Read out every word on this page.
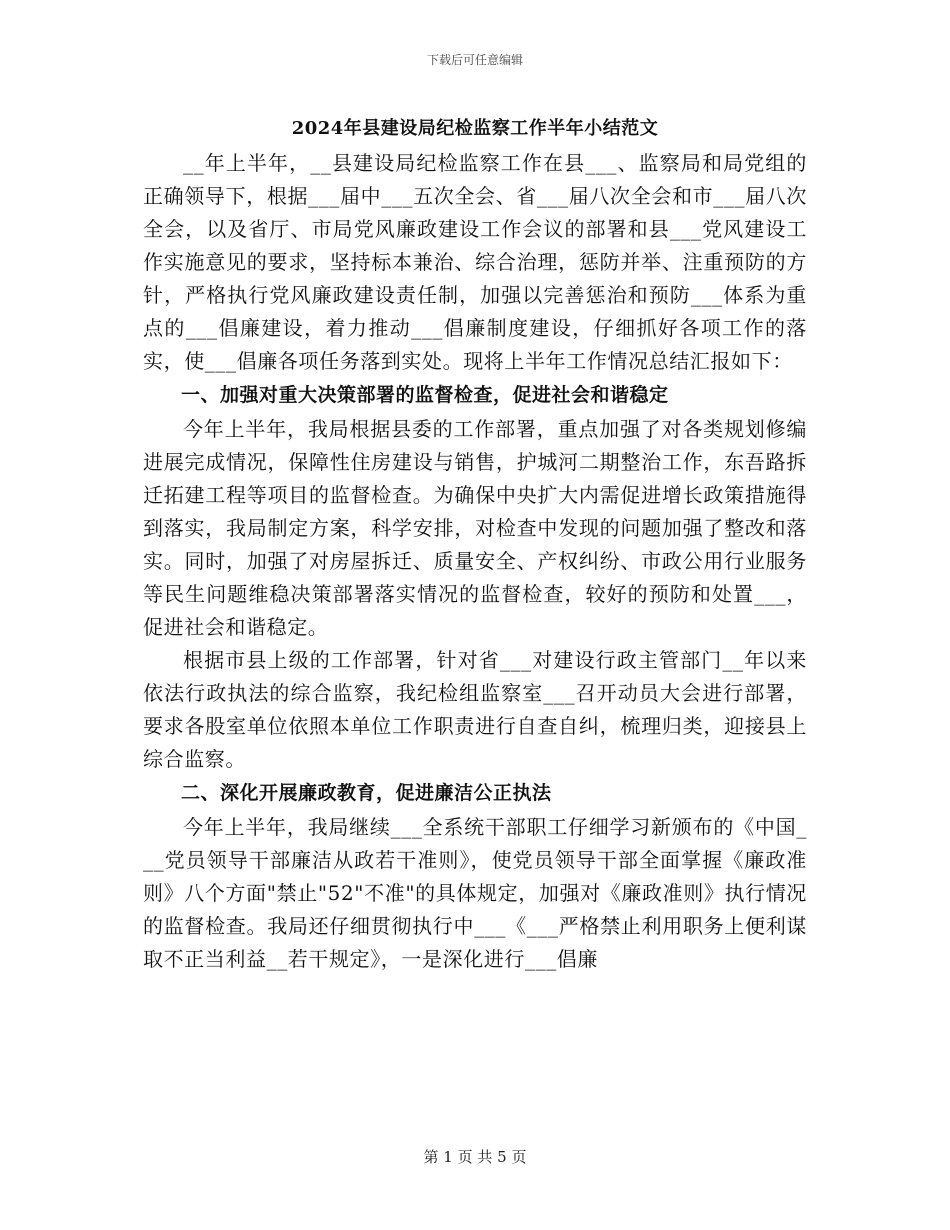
下载后可任意编辑
2024年县建设局纪检监察工作半年小结范文

__年上半年，__县建设局纪检监察工作在县___、监察局和局党组的正确领导下，根据___届中___五次全会、省___届八次全会和市___届八次全会，以及省厅、市局党风廉政建设工作会议的部署和县___党风建设工作实施意见的要求，坚持标本兼治、综合治理，惩防并举、注重预防的方针，严格执行党风廉政建设责任制，加强以完善惩治和预防___体系为重点的___倡廉建设，着力推动___倡廉制度建设，仔细抓好各项工作的落实，使___倡廉各项任务落到实处。现将上半年工作情况总结汇报如下：

一、加强对重大决策部署的监督检查，促进社会和谐稳定

今年上半年，我局根据县委的工作部署，重点加强了对各类规划修编进展完成情况，保障性住房建设与销售，护城河二期整治工作，东吾路拆迁拓建工程等项目的监督检查。为确保中央扩大内需促进增长政策措施得到落实，我局制定方案，科学安排，对检查中发现的问题加强了整改和落实。同时，加强了对房屋拆迁、质量安全、产权纠纷、市政公用行业服务等民生问题维稳决策部署落实情况的监督检查，较好的预防和处置___，促进社会和谐稳定。

根据市县上级的工作部署，针对省___对建设行政主管部门__年以来依法行政执法的综合监察，我纪检组监察室___召开动员大会进行部署，要求各股室单位依照本单位工作职责进行自查自纠，梳理归类，迎接县上综合监察。

二、深化开展廉政教育，促进廉洁公正执法

今年上半年，我局继续___全系统干部职工仔细学习新颁布的《中国___党员领导干部廉洁从政若干准则》，使党员领导干部全面掌握《廉政准则》八个方面"禁止"52"不准"的具体规定，加强对《廉政准则》执行情况的监督检查。我局还仔细贯彻执行中___《___严格禁止利用职务上便利谋取不正当利益__若干规定》，一是深化进行___倡廉

第 1 页 共 5 页
